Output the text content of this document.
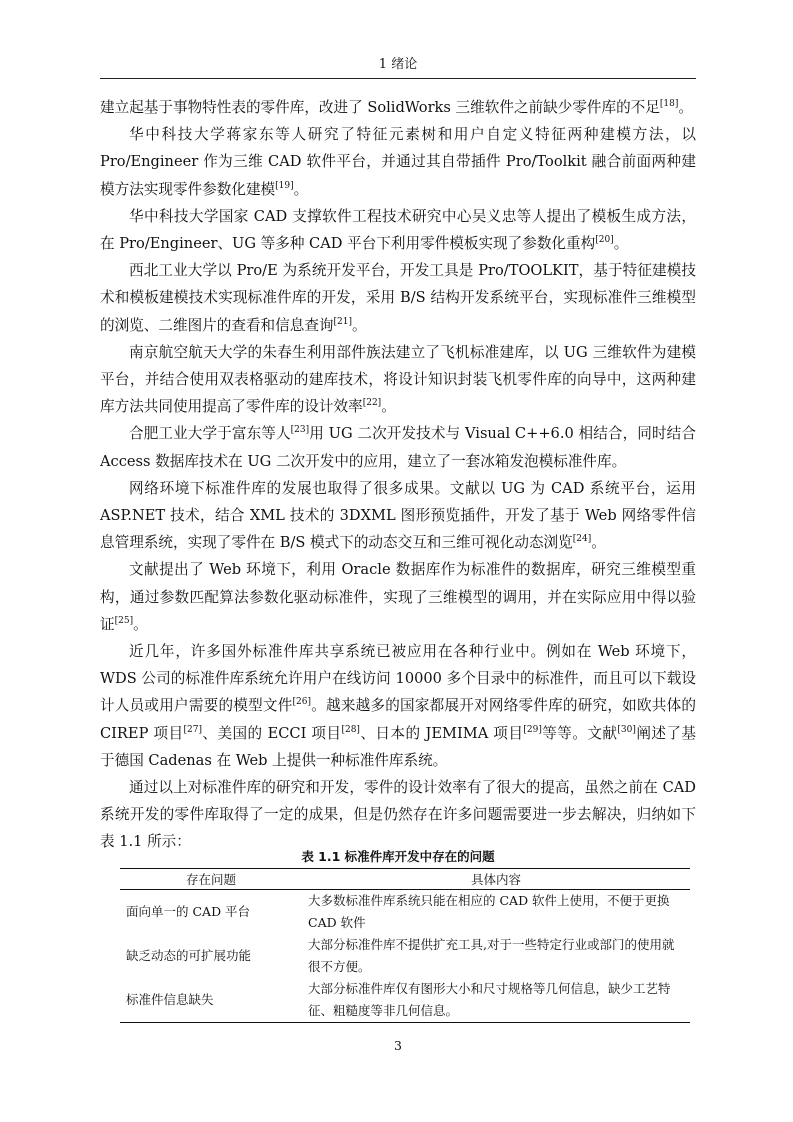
1 绪论

建立起基于事物特性表的零件库，改进了 SolidWorks 三维软件之前缺少零件库的不足[18]。

华中科技大学蒋家东等人研究了特征元素树和用户自定义特征两种建模方法，以 Pro/Engineer 作为三维 CAD 软件平台，并通过其自带插件 Pro/Toolkit 融合前面两种建模方法实现零件参数化建模[19]。

华中科技大学国家 CAD 支撑软件工程技术研究中心吴义忠等人提出了模板生成方法，在 Pro/Engineer、UG 等多种 CAD 平台下利用零件模板实现了参数化重构[20]。

西北工业大学以 Pro/E 为系统开发平台，开发工具是 Pro/TOOLKIT，基于特征建模技术和模板建模技术实现标准件库的开发，采用 B/S 结构开发系统平台，实现标准件三维模型的浏览、二维图片的查看和信息查询[21]。

南京航空航天大学的朱春生利用部件族法建立了飞机标准建库，以 UG 三维软件为建模平台，并结合使用双表格驱动的建库技术，将设计知识封装飞机零件库的向导中，这两种建库方法共同使用提高了零件库的设计效率[22]。

合肥工业大学于富东等人[23]用 UG 二次开发技术与 Visual C++6.0 相结合，同时结合 Access 数据库技术在 UG 二次开发中的应用，建立了一套冰箱发泡模标准件库。

网络环境下标准件库的发展也取得了很多成果。文献以 UG 为 CAD 系统平台，运用 ASP.NET 技术，结合 XML 技术的 3DXML 图形预览插件，开发了基于 Web 网络零件信息管理系统，实现了零件在 B/S 模式下的动态交互和三维可视化动态浏览[24]。

文献提出了 Web 环境下，利用 Oracle 数据库作为标准件的数据库，研究三维模型重构，通过参数匹配算法参数化驱动标准件，实现了三维模型的调用，并在实际应用中得以验证[25]。

近几年，许多国外标准件库共享系统已被应用在各种行业中。例如在 Web 环境下，WDS 公司的标准件库系统允许用户在线访问 10000 多个目录中的标准件，而且可以下载设计人员或用户需要的模型文件[26]。越来越多的国家都展开对网络零件库的研究，如欧共体的 CIREP 项目[27]、美国的 ECCI 项目[28]、日本的 JEMIMA 项目[29]等等。文献[30]阐述了基于德国 Cadenas 在 Web 上提供一种标准件库系统。

通过以上对标准件库的研究和开发，零件的设计效率有了很大的提高，虽然之前在 CAD 系统开发的零件库取得了一定的成果，但是仍然存在许多问题需要进一步去解决，归纳如下表 1.1 所示：

表 1.1 标准件库开发中存在的问题
存在问题	具体内容
面向单一的 CAD 平台	大多数标准件库系统只能在相应的 CAD 软件上使用，不便于更换 CAD 软件
缺乏动态的可扩展功能	大部分标准件库不提供扩充工具,对于一些特定行业或部门的使用就很不方便。
标准件信息缺失	大部分标准件库仅有图形大小和尺寸规格等几何信息，缺少工艺特征、粗糙度等非几何信息。
3
